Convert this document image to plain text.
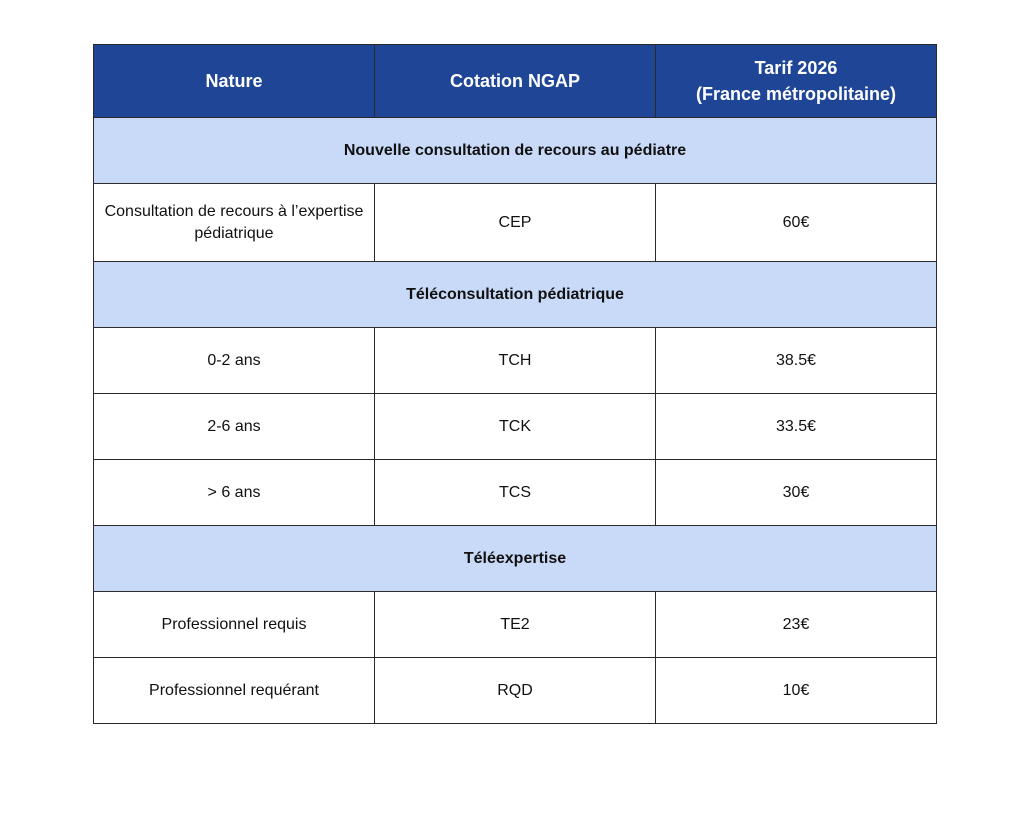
Nature	Cotation NGAP	Tarif 2026
(France métropolitaine)
Nouvelle consultation de recours au pédiatre		
Consultation de recours à l’expertise pédiatrique	CEP	60€
Téléconsultation pédiatrique		
0-2 ans	TCH	38.5€
2-6 ans	TCK	33.5€
> 6 ans	TCS	30€
Téléexpertise		
Professionnel requis	TE2	23€
Professionnel requérant	RQD	10€
